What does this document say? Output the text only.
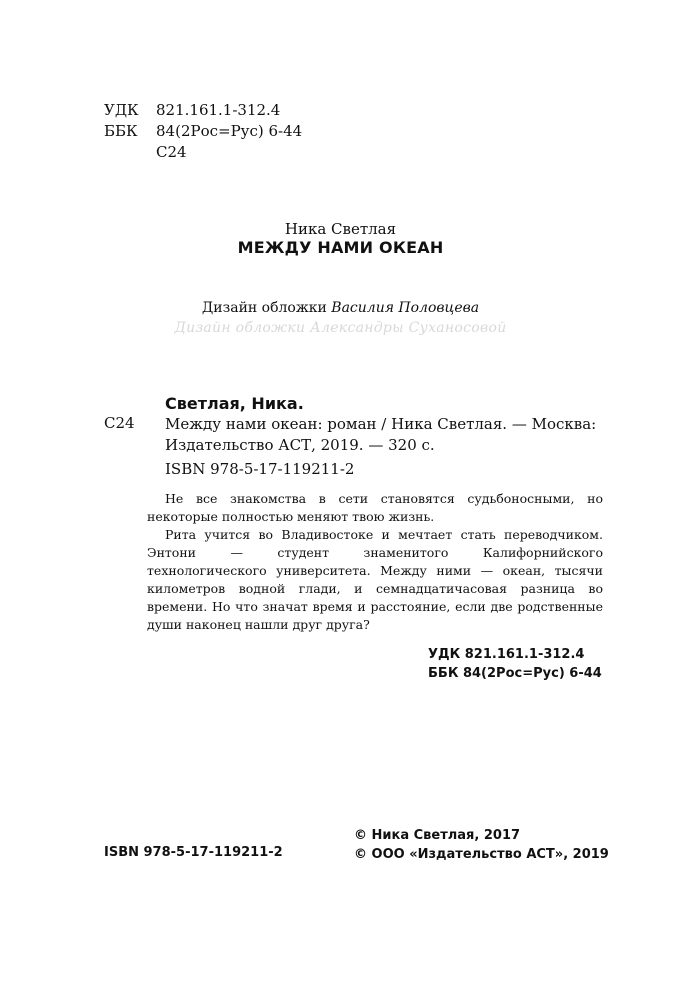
УДК 821.161.1-312.4
ББК 84(2Рос=Рус) 6-44
С24
Ника Светлая
МЕЖДУ НАМИ ОКЕАН
Дизайн обложки Василия Половцева
Дизайн обложки Александры Суханосовой
Светлая, Ника.
С24 Между нами океан: роман / Ника Светлая. — Москва: Издательство АСТ, 2019. — 320 с.
ISBN 978-5-17-119211-2

Не все знакомства в сети становятся судьбоносными, но некоторые полностью меняют твою жизнь.

Рита учится во Владивостоке и мечтает стать переводчиком. Энтони — студент знаменитого Калифорнийского технологического университета. Между ними — океан, тысячи километров водной глади, и семнадцатичасовая разница во времени. Но что значат время и расстояние, если две родственные души наконец нашли друг друга?

УДК 821.161.1-312.4
ББК 84(2Рос=Рус) 6-44
ISBN 978-5-17-119211-2
© Ника Светлая, 2017
© ООО «Издательство АСТ», 2019
